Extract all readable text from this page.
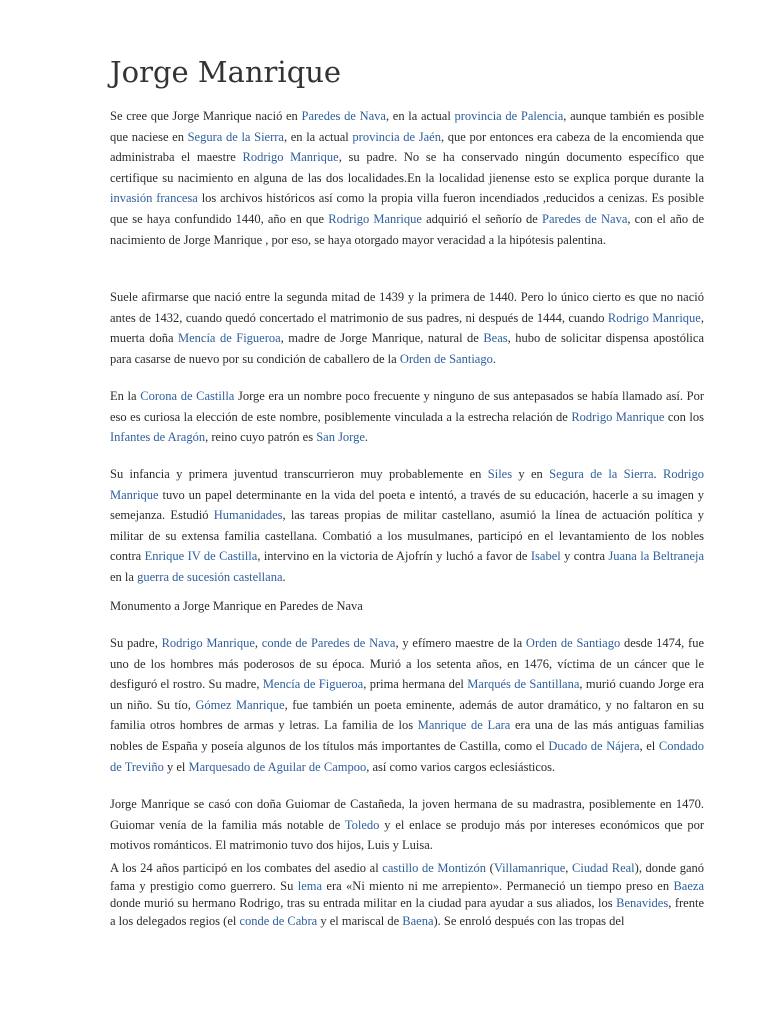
Jorge Manrique

Se cree que Jorge Manrique nació en Paredes de Nava, en la actual provincia de Palencia, aunque también es posible que naciese en Segura de la Sierra, en la actual provincia de Jaén, que por entonces era cabeza de la encomienda que administraba el maestre Rodrigo Manrique, su padre. No se ha conservado ningún documento específico que certifique su nacimiento en alguna de las dos localidades.En la localidad jienense esto se explica porque durante la invasión francesa los archivos históricos así como la propia villa fueron incendiados ,reducidos a cenizas. Es posible que se haya confundido 1440, año en que Rodrigo Manrique adquirió el señorío de Paredes de Nava, con el año de nacimiento de Jorge Manrique , por eso, se haya otorgado mayor veracidad a la hipótesis palentina.

Suele afirmarse que nació entre la segunda mitad de 1439 y la primera de 1440. Pero lo único cierto es que no nació antes de 1432, cuando quedó concertado el matrimonio de sus padres, ni después de 1444, cuando Rodrigo Manrique, muerta doña Mencía de Figueroa, madre de Jorge Manrique, natural de Beas, hubo de solicitar dispensa apostólica para casarse de nuevo por su condición de caballero de la Orden de Santiago.

En la Corona de Castilla Jorge era un nombre poco frecuente y ninguno de sus antepasados se había llamado así. Por eso es curiosa la elección de este nombre, posiblemente vinculada a la estrecha relación de Rodrigo Manrique con los Infantes de Aragón, reino cuyo patrón es San Jorge.

Su infancia y primera juventud transcurrieron muy probablemente en Siles y en Segura de la Sierra. Rodrigo Manrique tuvo un papel determinante en la vida del poeta e intentó, a través de su educación, hacerle a su imagen y semejanza. Estudió Humanidades, las tareas propias de militar castellano, asumió la línea de actuación política y militar de su extensa familia castellana. Combatió a los musulmanes, participó en el levantamiento de los nobles contra Enrique IV de Castilla, intervino en la victoria de Ajofrín y luchó a favor de Isabel y contra Juana la Beltraneja en la guerra de sucesión castellana.

Monumento a Jorge Manrique en Paredes de Nava

Su padre, Rodrigo Manrique, conde de Paredes de Nava, y efímero maestre de la Orden de Santiago desde 1474, fue uno de los hombres más poderosos de su época. Murió a los setenta años, en 1476, víctima de un cáncer que le desfiguró el rostro. Su madre, Mencía de Figueroa, prima hermana del Marqués de Santillana, murió cuando Jorge era un niño. Su tío, Gómez Manrique, fue también un poeta eminente, además de autor dramático, y no faltaron en su familia otros hombres de armas y letras. La familia de los Manrique de Lara era una de las más antiguas familias nobles de España y poseía algunos de los títulos más importantes de Castilla, como el Ducado de Nájera, el Condado de Treviño y el Marquesado de Aguilar de Campoo, así como varios cargos eclesiásticos.

Jorge Manrique se casó con doña Guiomar de Castañeda, la joven hermana de su madrastra, posiblemente en 1470. Guiomar venía de la familia más notable de Toledo y el enlace se produjo más por intereses económicos que por motivos románticos. El matrimonio tuvo dos hijos, Luis y Luisa.

A los 24 años participó en los combates del asedio al castillo de Montizón (Villamanrique, Ciudad Real), donde ganó fama y prestigio como guerrero. Su lema era «Ni miento ni me arrepiento». Permaneció un tiempo preso en Baeza donde murió su hermano Rodrigo, tras su entrada militar en la ciudad para ayudar a sus aliados, los Benavides, frente a los delegados regios (el conde de Cabra y el mariscal de Baena). Se enroló después con las tropas del
